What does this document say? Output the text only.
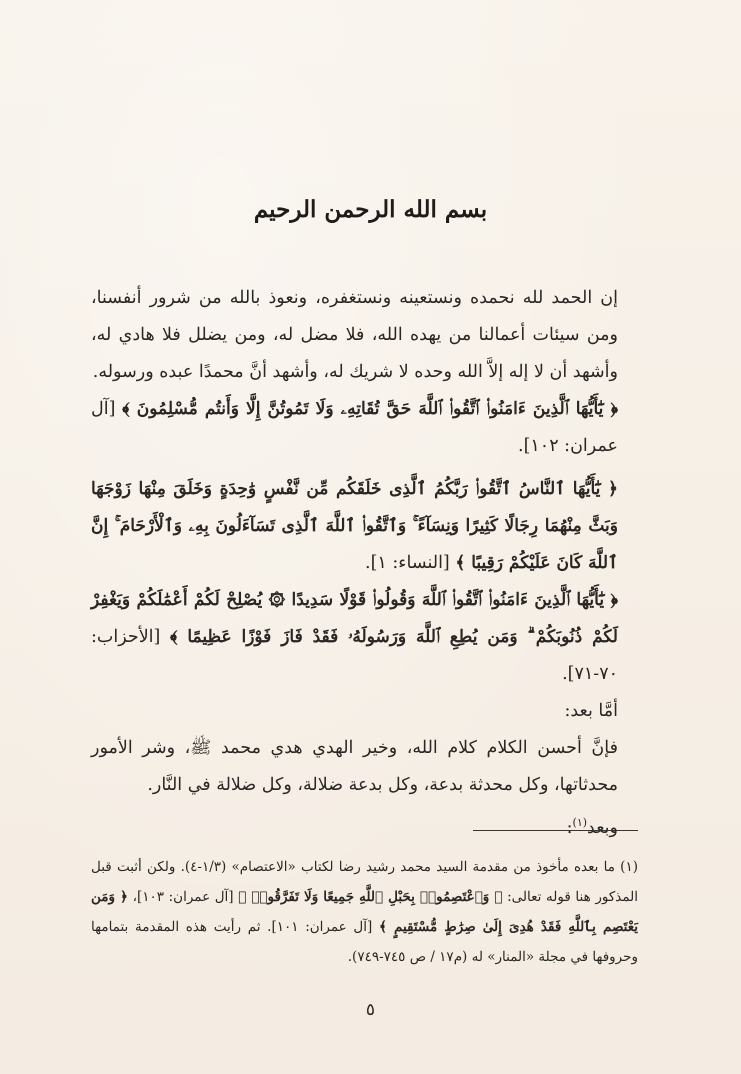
بسم الله الرحمن الرحيم

إن الحمد لله نحمده ونستعينه ونستغفره، ونعوذ بالله من شرور أنفسنا، ومن سيئات أعمالنا من يهده الله، فلا مضل له، ومن يضلل فلا هادي له، وأشهد أن لا إله إلاَّ الله وحده لا شريك له، وأشهد أنَّ محمدًا عبده ورسوله.

﴿ يَٰٓأَيُّهَا ٱلَّذِينَ ءَامَنُوا۟ ٱتَّقُوا۟ ٱللَّهَ حَقَّ تُقَاتِهِۦ وَلَا تَمُوتُنَّ إِلَّا وَأَنتُم مُّسْلِمُونَ ﴾ [آل عمران: ١٠٢].

﴿ يَٰٓأَيُّهَا ٱلنَّاسُ ٱتَّقُوا۟ رَبَّكُمُ ٱلَّذِى خَلَقَكُم مِّن نَّفْسٍ وَٰحِدَةٍ وَخَلَقَ مِنْهَا زَوْجَهَا وَبَثَّ مِنْهُمَا رِجَالًا كَثِيرًا وَنِسَآءً ۚ وَٱتَّقُوا۟ ٱللَّهَ ٱلَّذِى تَسَآءَلُونَ بِهِۦ وَٱلْأَرْحَامَ ۚ إِنَّ ٱللَّهَ كَانَ عَلَيْكُمْ رَقِيبًا ﴾ [النساء: ١].

﴿ يَٰٓأَيُّهَا ٱلَّذِينَ ءَامَنُوا۟ ٱتَّقُوا۟ ٱللَّهَ وَقُولُوا۟ قَوْلًا سَدِيدًا ۞ يُصْلِحْ لَكُمْ أَعْمَٰلَكُمْ وَيَغْفِرْ لَكُمْ ذُنُوبَكُمْ ۗ وَمَن يُطِعِ ٱللَّهَ وَرَسُولَهُۥ فَقَدْ فَازَ فَوْزًا عَظِيمًا ﴾ [الأحزاب: ٧٠-٧١].

أمَّا بعد:

فإنَّ أحسن الكلام كلام الله، وخير الهدي هدي محمد ﷺ، وشر الأمور محدثاتها، وكل محدثة بدعة، وكل بدعة ضلالة، وكل ضلالة في النَّار.

وبعد$^{(١)}$:

(١) ما بعده مأخوذ من مقدمة السيد محمد رشيد رضا لكتاب «الاعتصام» (١/٣-٤). ولكن أثبت قبل المذكور هنا قوله تعالى: ﴿ وَٱعْتَصِمُوا۟ بِحَبْلِ ٱللَّهِ جَمِيعًا وَلَا تَفَرَّقُوا۟ ﴾ [آل عمران: ١٠٣]، ﴿ وَمَن يَعْتَصِم بِٱللَّهِ فَقَدْ هُدِىَ إِلَىٰ صِرَٰطٍ مُّسْتَقِيمٍ ﴾ [آل عمران: ١٠١]. ثم رأيت هذه المقدمة بتمامها وحروفها في مجلة «المنار» له (م١٧ / ص ٧٤٥-٧٤٩).

٥
